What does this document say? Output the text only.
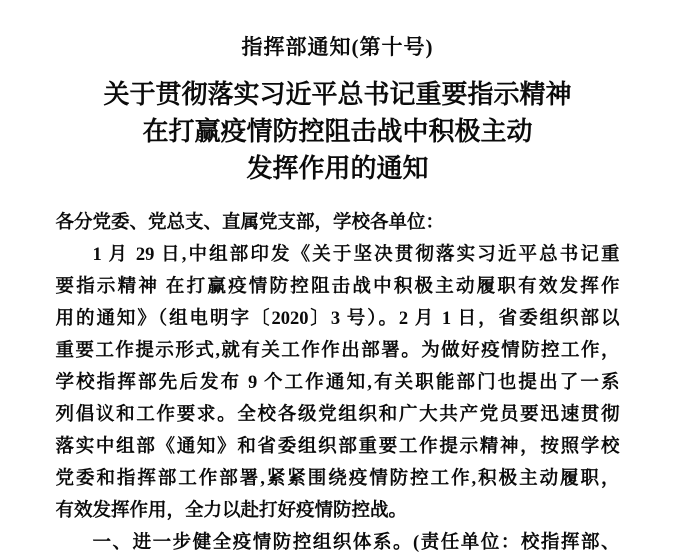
指挥部通知(第十号)
关于贯彻落实习近平总书记重要指示精神
在打赢疫情防控阻击战中积极主动
发挥作用的通知
各分党委、党总支、直属党支部，学校各单位：
1 月 29 日,中组部印发《关于坚决贯彻落实习近平总书记重
要指示精神 在打赢疫情防控阻击战中积极主动履职有效发挥作
用的通知》（组电明字〔2020〕3 号）。2 月 1 日，省委组织部以
重要工作提示形式,就有关工作作出部署。为做好疫情防控工作，
学校指挥部先后发布 9 个工作通知,有关职能部门也提出了一系
列倡议和工作要求。全校各级党组织和广大共产党员要迅速贯彻
落实中组部《通知》和省委组织部重要工作提示精神，按照学校
党委和指挥部工作部署,紧紧围绕疫情防控工作,积极主动履职，
有效发挥作用，全力以赴打好疫情防控战。
一、进一步健全疫情防控组织体系。(责任单位：校指挥部、
